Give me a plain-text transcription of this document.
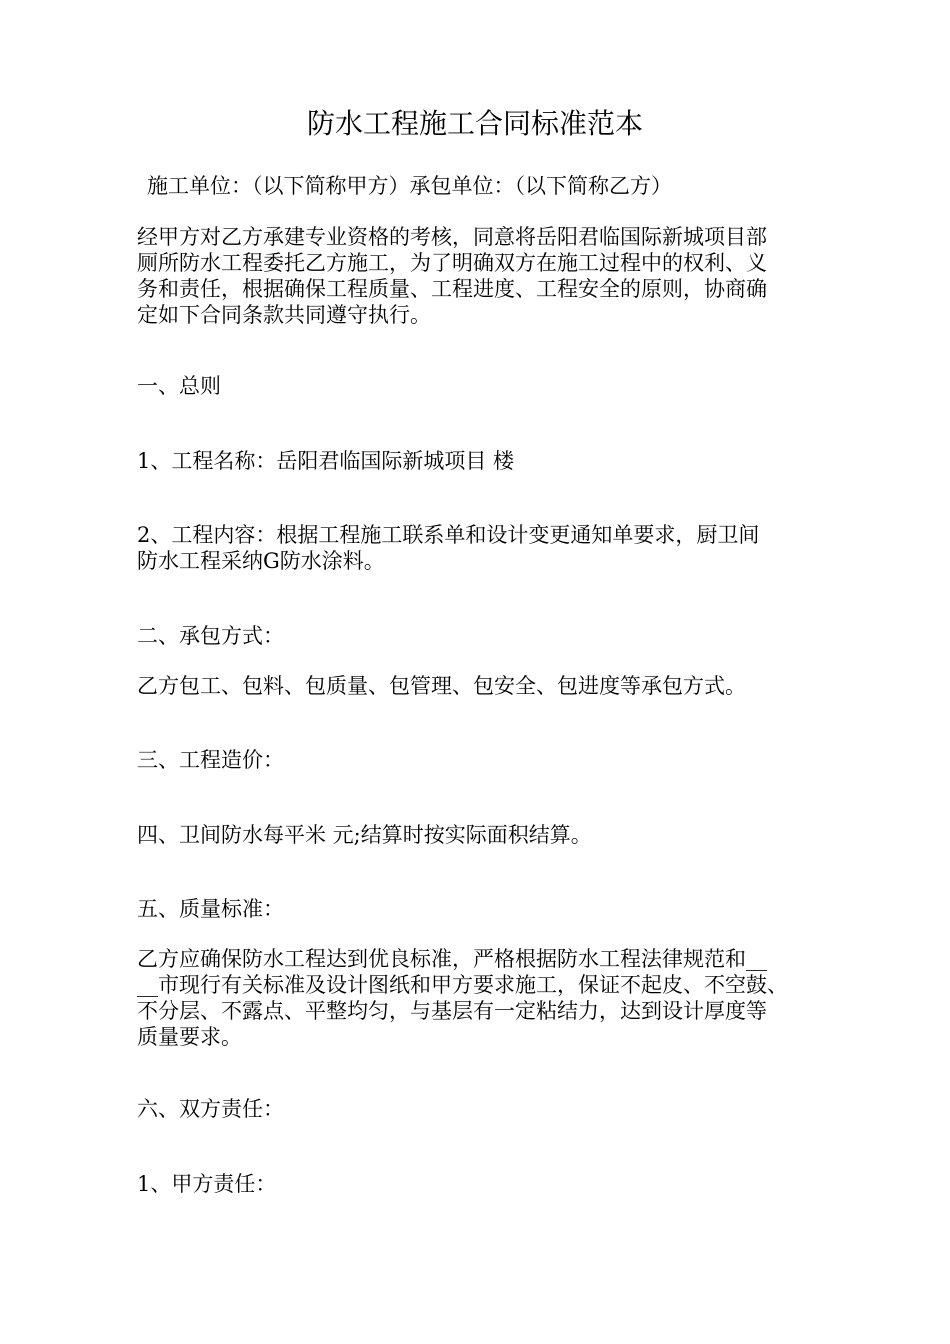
防水工程施工合同标准范本
施工单位：（以下简称甲方）承包单位：（以下简称乙方）
经甲方对乙方承建专业资格的考核，同意将岳阳君临国际新城项目部
厕所防水工程委托乙方施工，为了明确双方在施工过程中的权利、义
务和责任，根据确保工程质量、工程进度、工程安全的原则，协商确
定如下合同条款共同遵守执行。
一、总则
1、工程名称：岳阳君临国际新城项目 楼
2、工程内容：根据工程施工联系单和设计变更通知单要求，厨卫间
防水工程采纳G防水涂料。
二、承包方式：
乙方包工、包料、包质量、包管理、包安全、包进度等承包方式。
三、工程造价：
四、卫间防水每平米 元;结算时按实际面积结算。
五、质量标准：
乙方应确保防水工程达到优良标准，严格根据防水工程法律规范和__
__市现行有关标准及设计图纸和甲方要求施工，保证不起皮、不空鼓、
不分层、不露点、平整均匀，与基层有一定粘结力，达到设计厚度等
质量要求。
六、双方责任：
1、甲方责任：
